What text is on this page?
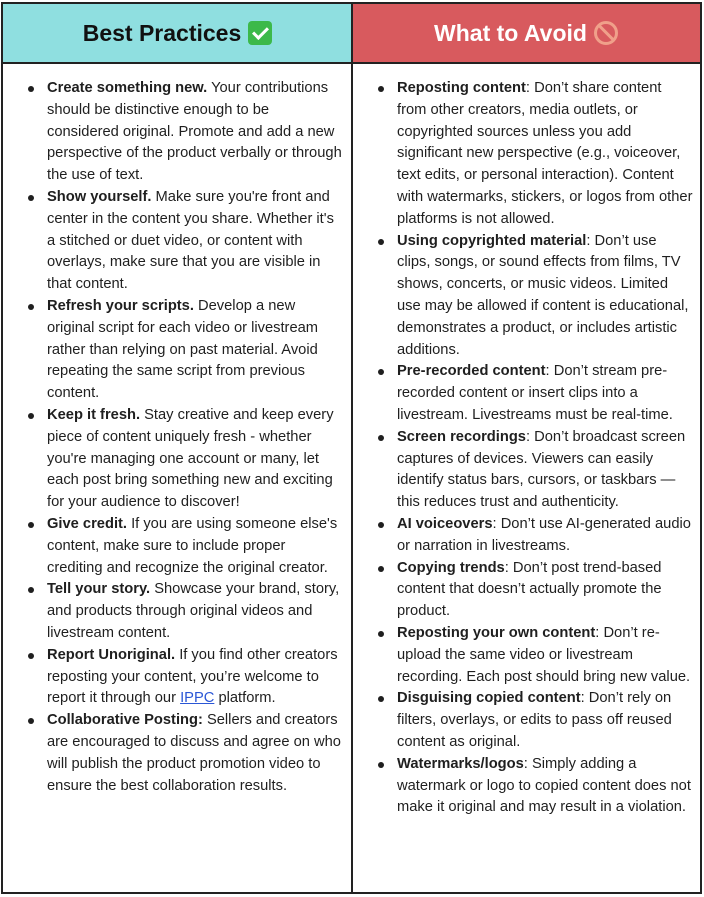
Best Practices	What to Avoid
Create something new. Your contributions should be distinctive enough to be considered original. Promote and add a new perspective of the product verbally or through the use of text.
Show yourself. Make sure you're front and center in the content you share. Whether it's a stitched or duet video, or content with overlays, make sure that you are visible in that content.
Refresh your scripts. Develop a new original script for each video or livestream rather than relying on past material. Avoid repeating the same script from previous content.
Keep it fresh. Stay creative and keep every piece of content uniquely fresh - whether you're managing one account or many, let each post bring something new and exciting for your audience to discover!
Give credit. If you are using someone else's content, make sure to include proper crediting and recognize the original creator.
Tell your story. Showcase your brand, story, and products through original videos and livestream content.
Report Unoriginal. If you find other creators reposting your content, you’re welcome to report it through our IPPC platform.
Collaborative Posting: Sellers and creators are encouraged to discuss and agree on who will publish the product promotion video to ensure the best collaboration results.
Reposting content: Don’t share content from other creators, media outlets, or copyrighted sources unless you add significant new perspective (e.g., voiceover, text edits, or personal interaction). Content with watermarks, stickers, or logos from other platforms is not allowed.
Using copyrighted material: Don’t use clips, songs, or sound effects from films, TV shows, concerts, or music videos. Limited use may be allowed if content is educational, demonstrates a product, or includes artistic additions.
Pre-recorded content: Don’t stream pre-recorded content or insert clips into a livestream. Livestreams must be real-time.
Screen recordings: Don’t broadcast screen captures of devices. Viewers can easily identify status bars, cursors, or taskbars — this reduces trust and authenticity.
AI voiceovers: Don’t use AI-generated audio or narration in livestreams.
Copying trends: Don’t post trend-based content that doesn’t actually promote the product.
Reposting your own content: Don’t re-upload the same video or livestream recording. Each post should bring new value.
Disguising copied content: Don’t rely on filters, overlays, or edits to pass off reused content as original.
Watermarks/logos: Simply adding a watermark or logo to copied content does not make it original and may result in a violation.
